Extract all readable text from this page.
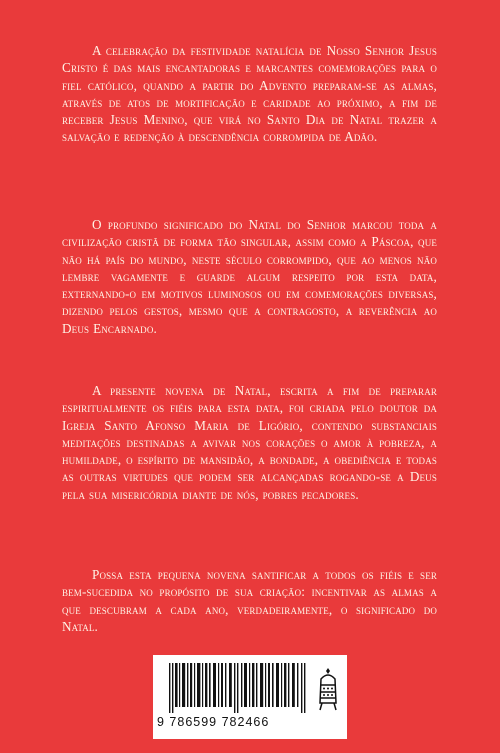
A celebração da festividade natalícia de Nosso Senhor Jesus Cristo é das mais encantadoras e marcantes comemorações para o fiel católico, quando a partir do Advento preparam-se as almas, através de atos de mortificação e caridade ao próximo, a fim de receber Jesus Menino, que virá no Santo Dia de Natal trazer a salvação e redenção à descendência corrompida de Adão.
O profundo significado do Natal do Senhor marcou toda a civilização cristã de forma tão singular, assim como a Páscoa, que não há país do mundo, neste século corrompido, que ao menos não lembre vagamente e guarde algum respeito por esta data, externando-o em motivos luminosos ou em comemorações diversas, dizendo pelos gestos, mesmo que a contragosto, a reverência ao Deus Encarnado.
A presente novena de Natal, escrita a fim de preparar espiritualmente os fiéis para esta data, foi criada pelo doutor da Igreja Santo Afonso Maria de Ligório, contendo substanciais meditações destinadas a avivar nos corações o amor à pobreza, a humildade, o espírito de mansidão, a bondade, a obediência e todas as outras virtudes que podem ser alcançadas rogando-se a Deus pela sua misericórdia diante de nós, pobres pecadores.
Possa esta pequena novena santificar a todos os fiéis e ser bem-sucedida no propósito de sua criação: incentivar as almas a que descubram a cada ano, verdadeiramente, o significado do Natal.
9 786599 782466
